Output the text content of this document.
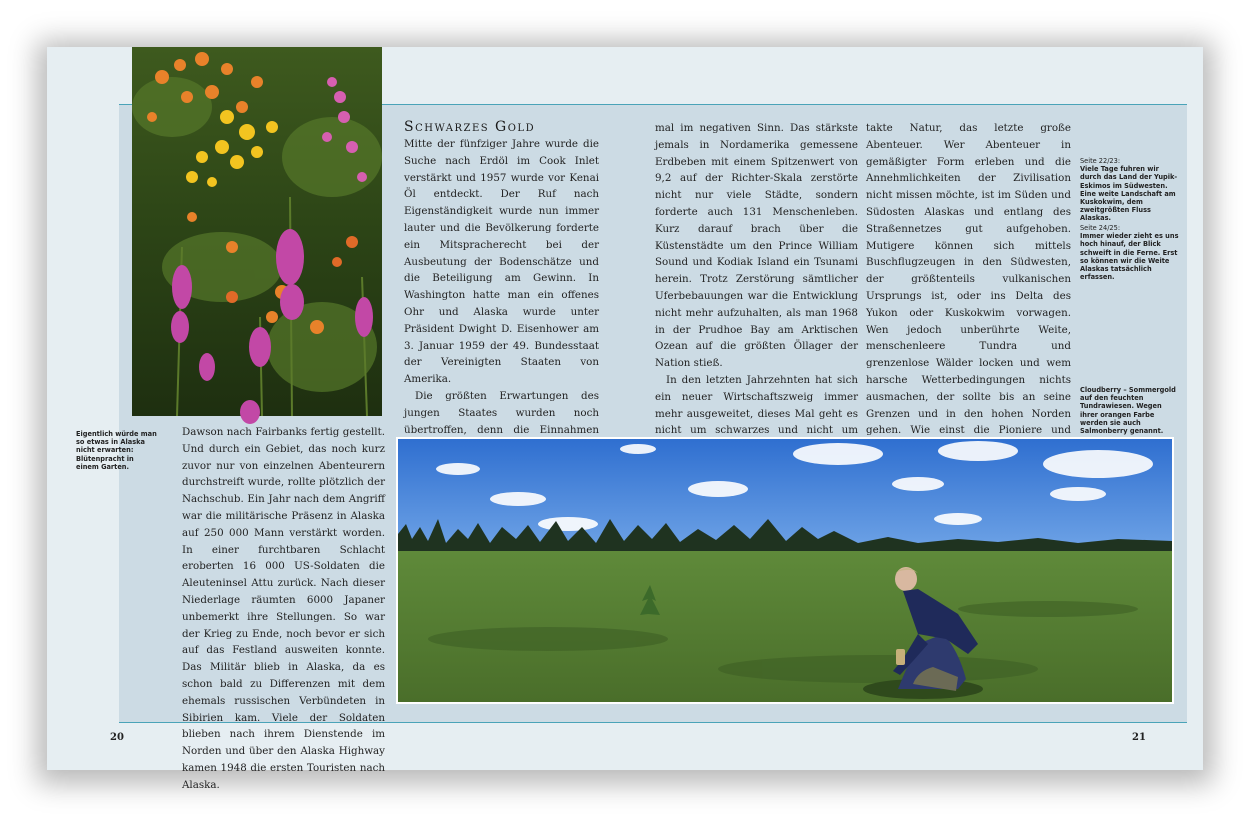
Schwarzes Gold

Mitte der fünfziger Jahre wurde die Suche nach Erdöl im Cook Inlet verstärkt und 1957 wurde vor Kenai Öl entdeckt. Der Ruf nach Eigenständigkeit wurde nun immer lauter und die Bevölkerung forderte ein Mitspracherecht bei der Ausbeutung der Bodenschätze und die Beteiligung am Gewinn. In Washington hatte man ein offenes Ohr und Alaska wurde unter Präsident Dwight D. Eisenhower am 3. Januar 1959 der 49. Bundesstaat der Vereinigten Staaten von Amerika.

Die größten Erwartungen des jungen Staates wurden noch übertroffen, denn die Einnahmen

mal im negativen Sinn. Das stärkste jemals in Nordamerika gemessene Erdbeben mit einem Spitzenwert von 9,2 auf der Richter-Skala zerstörte nicht nur viele Städte, sondern forderte auch 131 Menschenleben. Kurz darauf brach über die Küstenstädte um den Prince William Sound und Kodiak Island ein Tsunami herein. Trotz Zerstörung sämtlicher Uferbebauungen war die Entwicklung nicht mehr aufzuhalten, als man 1968 in der Prudhoe Bay am Arktischen Ozean auf die größten Öllager der Nation stieß.

In den letzten Jahrzehnten hat sich ein neuer Wirtschaftszweig immer mehr ausgeweitet, dieses Mal geht es nicht um schwarzes und nicht um

takte Natur, das letzte große Abenteuer. Wer Abenteuer in gemäßigter Form erleben und die Annehmlichkeiten der Zivilisation nicht missen möchte, ist im Süden und Südosten Alaskas und entlang des Straßennetzes gut aufgehoben. Mutigere können sich mittels Buschflugzeugen in den Südwesten, der größtenteils vulkanischen Ursprungs ist, oder ins Delta des Yukon oder Kuskokwim vorwagen. Wen jedoch unberührte Weite, menschenleere Tundra und grenzenlose Wälder locken und wem harsche Wetterbedingungen nichts ausmachen, der sollte bis an seine Grenzen und in den hohen Norden gehen. Wie einst die Pioniere und

Seite 22/23:
Viele Tage fuhren wir durch das Land der Yupik-Eskimos im Südwesten. Eine weite Landschaft am Kuskokwim, dem zweitgrößten Fluss Alaskas.
Seite 24/25:
Immer wieder zieht es uns hoch hinauf, der Blick schweift in die Ferne. Erst so können wir die Weite Alaskas tatsächlich erfassen.
Cloudberry – Sommergold auf den feuchten Tundrawiesen. Wegen ihrer orangen Farbe werden sie auch Salmonberry genannt.
Eigentlich würde man so etwas in Alaska nicht erwarten: Blütenpracht in einem Garten.

Dawson nach Fairbanks fertig gestellt. Und durch ein Gebiet, das noch kurz zuvor nur von einzelnen Abenteurern durchstreift wurde, rollte plötzlich der Nachschub. Ein Jahr nach dem Angriff war die militärische Präsenz in Alaska auf 250 000 Mann verstärkt worden. In einer furchtbaren Schlacht eroberten 16 000 US-Soldaten die Aleuteninsel Attu zurück. Nach dieser Niederlage räumten 6000 Japaner unbemerkt ihre Stellungen. So war der Krieg zu Ende, noch bevor er sich auf das Festland ausweiten konnte. Das Militär blieb in Alaska, da es schon bald zu Differenzen mit dem ehemals russischen Verbündeten in Sibirien kam. Viele der Soldaten blieben nach ihrem Dienstende im Norden und über den Alaska Highway kamen 1948 die ersten Touristen nach Alaska.

20	21
